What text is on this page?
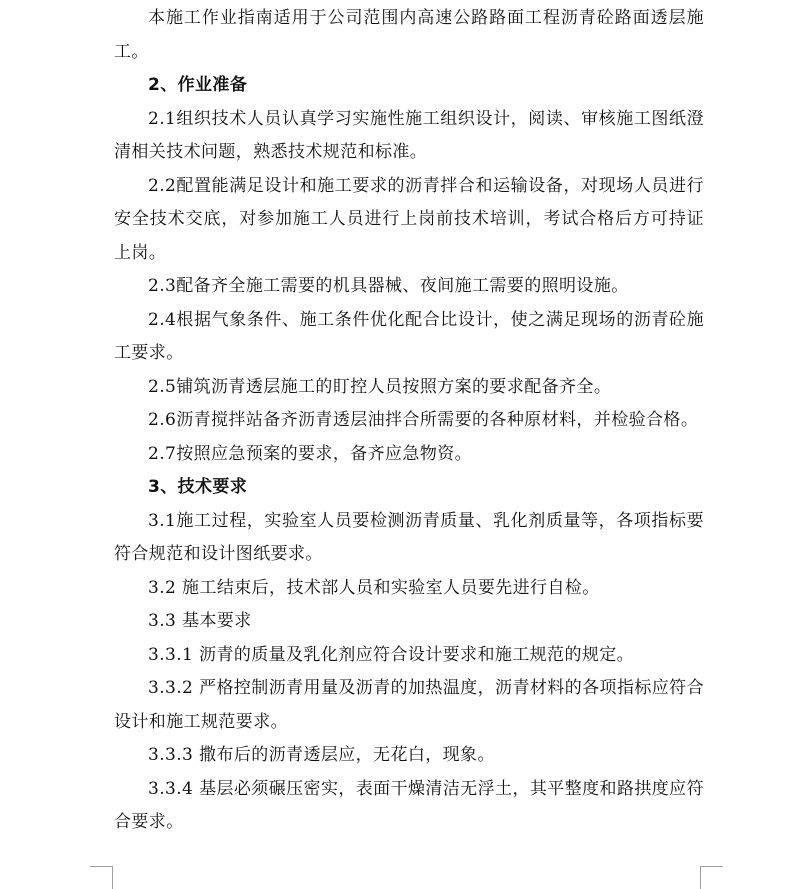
本施工作业指南适用于公司范围内高速公路路面工程沥青砼路面透层施工。

2、作业准备

2.1组织技术人员认真学习实施性施工组织设计，阅读、审核施工图纸澄清相关技术问题，熟悉技术规范和标准。

2.2配置能满足设计和施工要求的沥青拌合和运输设备，对现场人员进行安全技术交底，对参加施工人员进行上岗前技术培训，考试合格后方可持证上岗。

2.3配备齐全施工需要的机具器械、夜间施工需要的照明设施。

2.4根据气象条件、施工条件优化配合比设计，使之满足现场的沥青砼施工要求。

2.5铺筑沥青透层施工的盯控人员按照方案的要求配备齐全。

2.6沥青搅拌站备齐沥青透层油拌合所需要的各种原材料，并检验合格。

2.7按照应急预案的要求，备齐应急物资。

3、技术要求

3.1施工过程，实验室人员要检测沥青质量、乳化剂质量等，各项指标要符合规范和设计图纸要求。

3.2 施工结束后，技术部人员和实验室人员要先进行自检。

3.3 基本要求

3.3.1 沥青的质量及乳化剂应符合设计要求和施工规范的规定。

3.3.2 严格控制沥青用量及沥青的加热温度，沥青材料的各项指标应符合设计和施工规范要求。

3.3.3 撒布后的沥青透层应，无花白，现象。

3.3.4 基层必须碾压密实，表面干燥清洁无浮土，其平整度和路拱度应符合要求。
